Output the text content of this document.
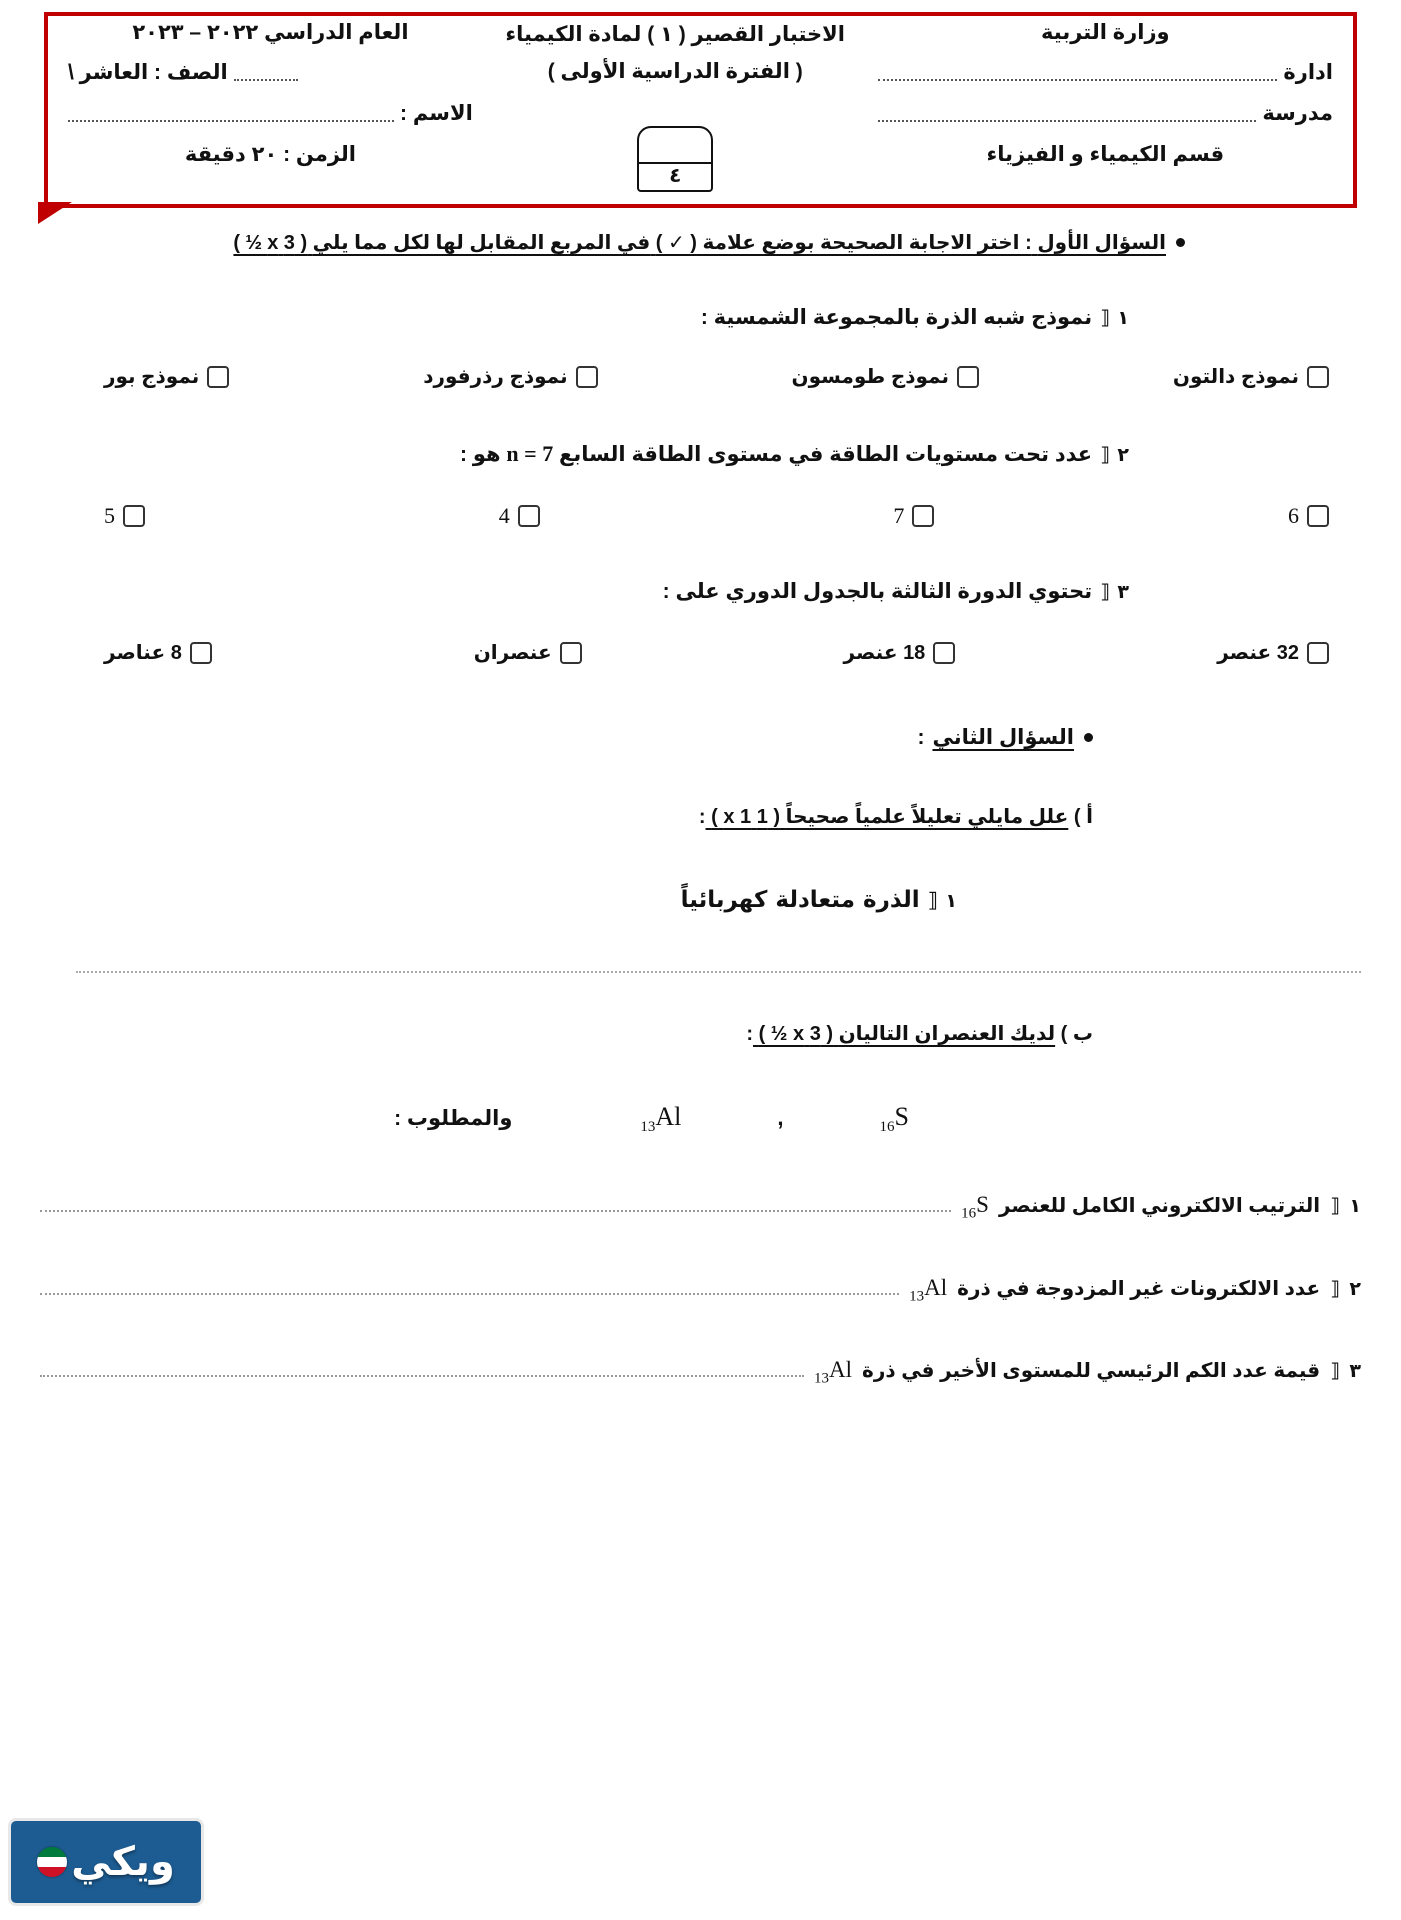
وزارة التربية
ادارة
مدرسة
قسم الكيمياء و الفيزياء
الاختبار القصير ( ١ ) لمادة الكيمياء
( الفترة الدراسية الأولى )
٤
العام الدراسي ٢٠٢٢ – ٢٠٢٣
الصف : العاشر \
الاسم :
الزمن : ٢٠ دقيقة
السؤال الأول : اختر الاجابة الصحيحة بوضع علامة ( ✓ ) في المربع المقابل لها لكل مما يلي ( 3 x ½ )
١
⟦
نموذج شبه الذرة بالمجموعة الشمسية :
نموذج دالتون
نموذج طومسون
نموذج رذرفورد
نموذج بور
٢
⟦
عدد تحت مستويات الطاقة في مستوى الطاقة السابع n = 7 هو :
6
7
4
5
٣
⟦
تحتوي الدورة الثالثة بالجدول الدوري على :
32 عنصر
18 عنصر
عنصران
8 عناصر
السؤال الثاني
:
أ ) علل مايلي تعليلاً علمياً صحيحاً ( 1 x 1 ) :
١
⟦
الذرة متعادلة كهربائياً
ب ) لديك العنصران التاليان ( 3 x ½ ) :
$_{16}$S
,
$_{13}$Al
والمطلوب :
١
⟦
الترتيب الالكتروني الكامل للعنصر
$_{16}$S
٢
⟦
عدد الالكترونات غير المزدوجة في ذرة
$_{13}$Al
٣
⟦
قيمة عدد الكم الرئيسي للمستوى الأخير في ذرة
$_{13}$Al
ويكي
